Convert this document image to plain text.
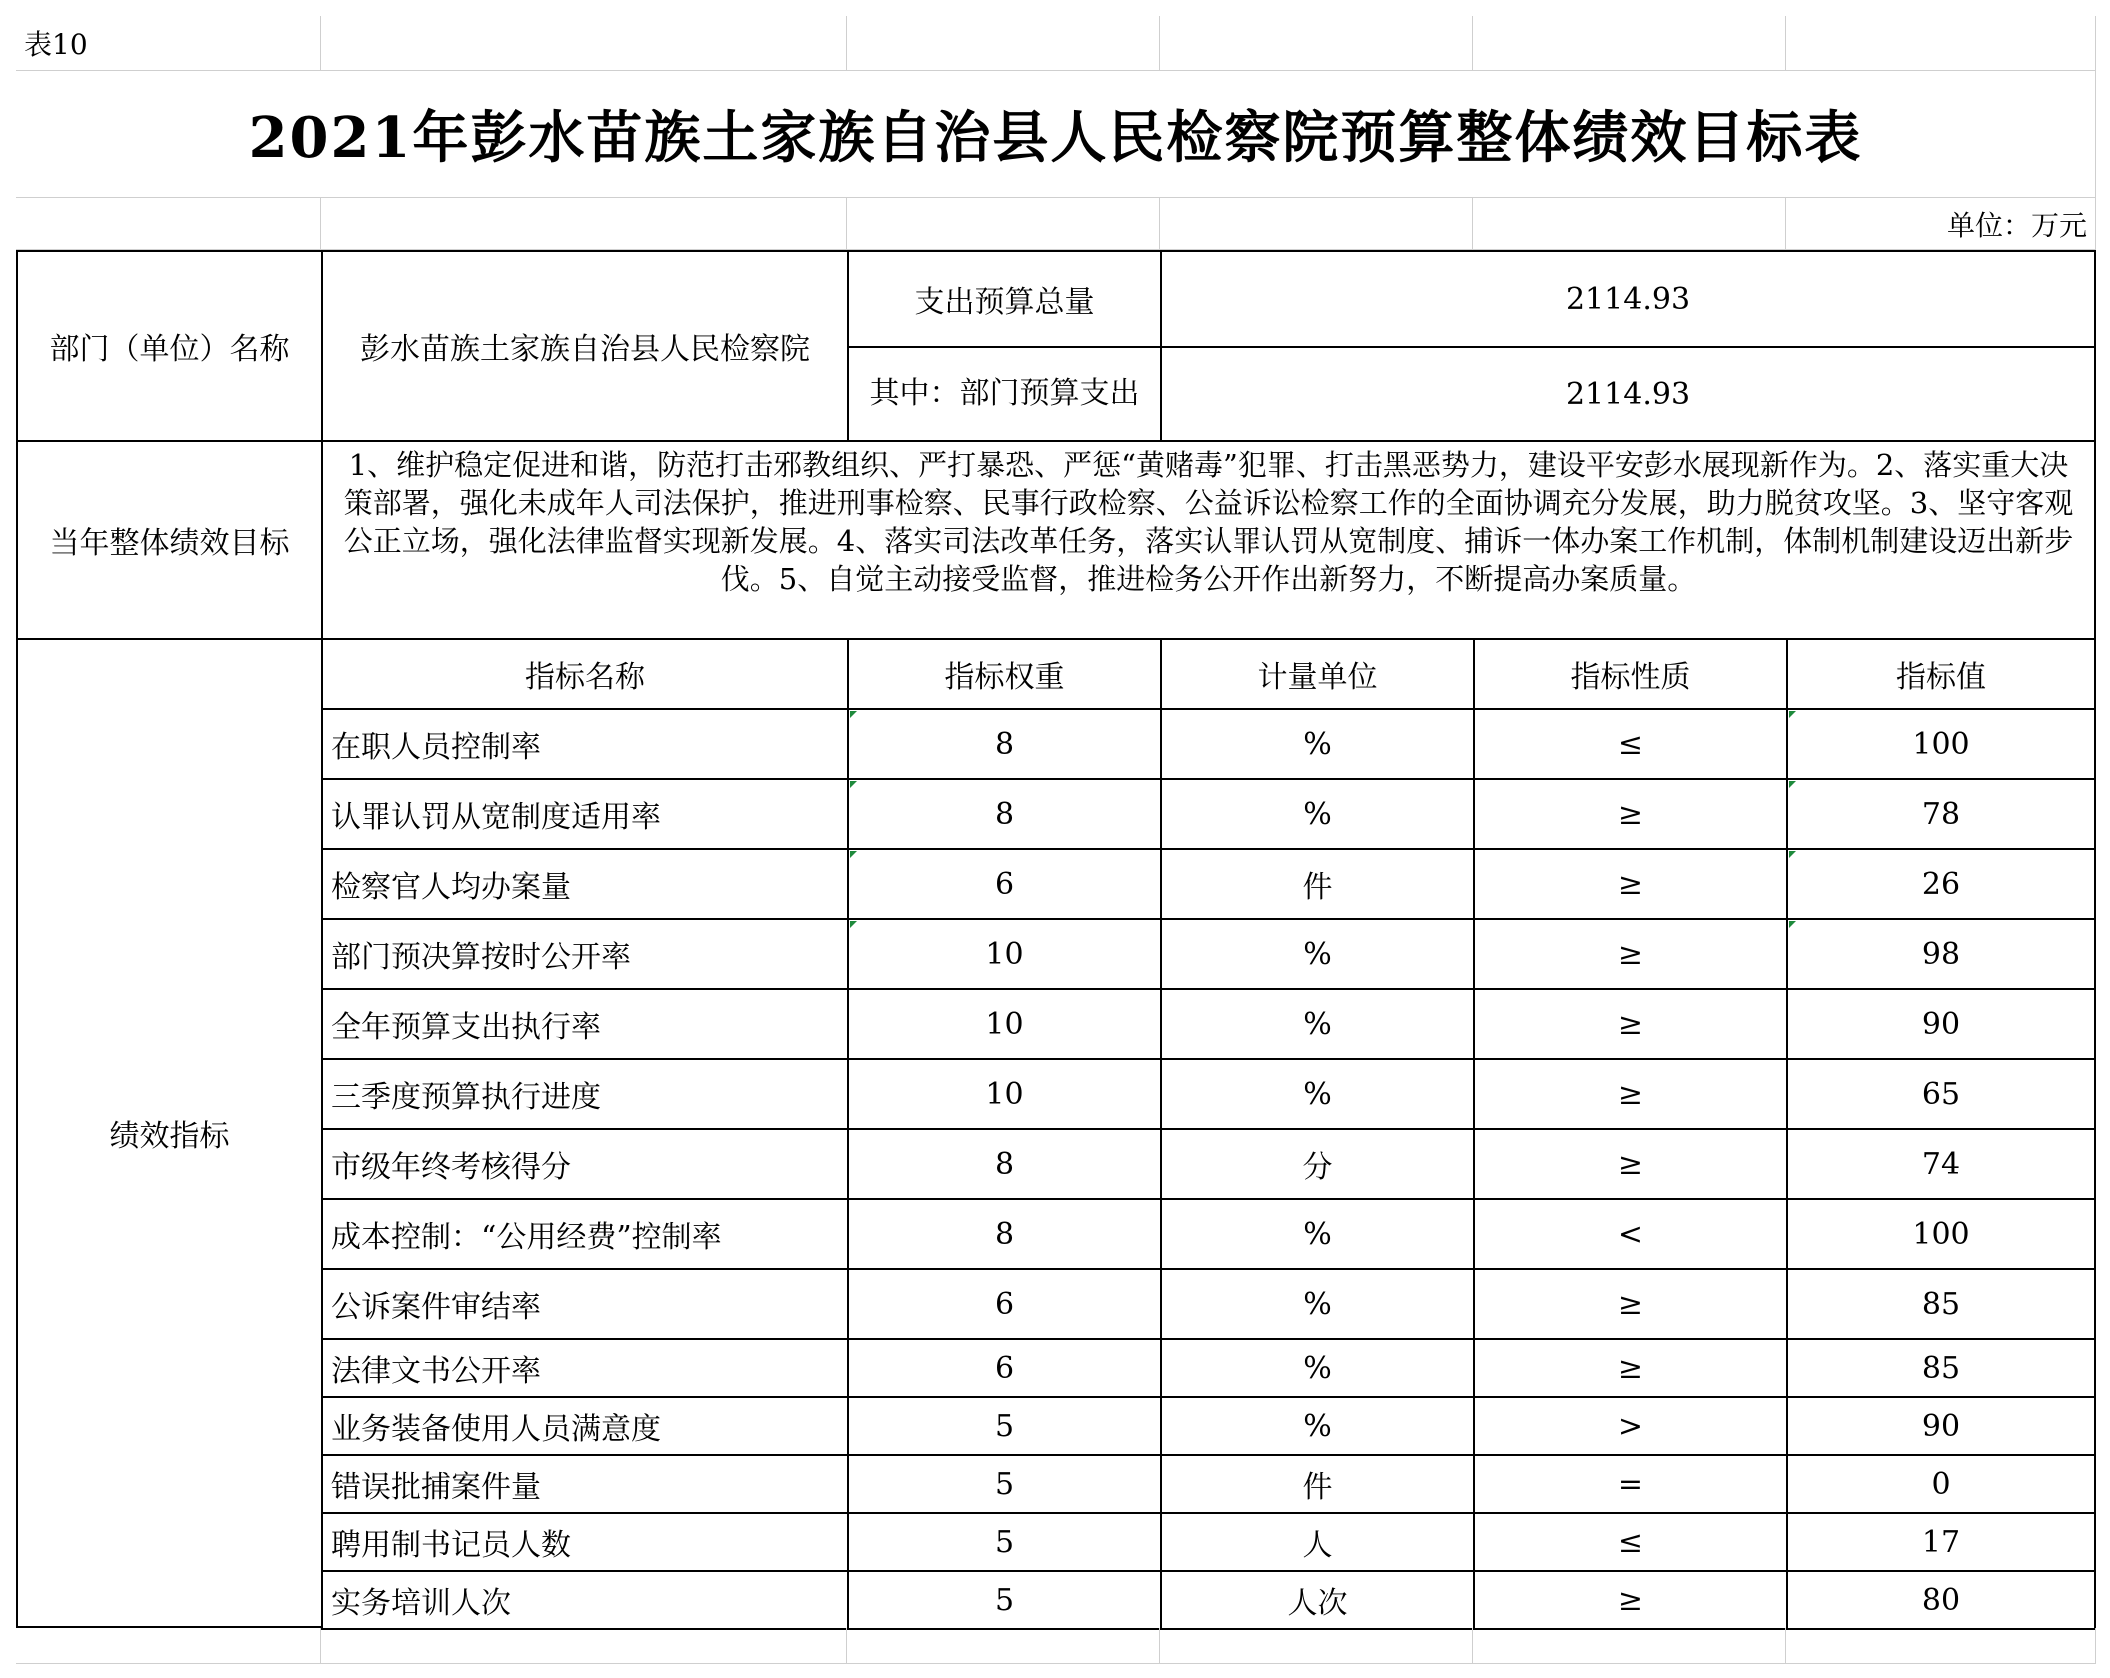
表10
2021年彭水苗族土家族自治县人民检察院预算整体绩效目标表
单位：万元
部门（单位）名称	彭水苗族土家族自治县人民检察院
支出预算总量	2114.93
其中：部门预算支出	2114.93
当年整体绩效目标
1、维护稳定促进和谐，防范打击邪教组织、严打暴恐、严惩“黄赌毒”犯罪、打击黑恶势力，建设平安彭水展现新作为。2、落实重大决策部署，强化未成年人司法保护，推进刑事检察、民事行政检察、公益诉讼检察工作的全面协调充分发展，助力脱贫攻坚。3、坚守客观公正立场，强化法律监督实现新发展。4、落实司法改革任务，落实认罪认罚从宽制度、捕诉一体办案工作机制，体制机制建设迈出新步伐。5、自觉主动接受监督，推进检务公开作出新努力，不断提高办案质量。
绩效指标
指标名称	指标权重	计量单位	指标性质	指标值
在职人员控制率	8	%	≤	100
认罪认罚从宽制度适用率	8	%	≥	78
检察官人均办案量	6	件	≥	26
部门预决算按时公开率	10	%	≥	98
全年预算支出执行率	10	%	≥	90
三季度预算执行进度	10	%	≥	65
市级年终考核得分	8	分	≥	74
成本控制：“公用经费”控制率	8	%	<	100
公诉案件审结率	6	%	≥	85
法律文书公开率	6	%	≥	85
业务装备使用人员满意度	5	%	>	90
错误批捕案件量	5	件	=	0
聘用制书记员人数	5	人	≤	17
实务培训人次	5	人次	≥	80
